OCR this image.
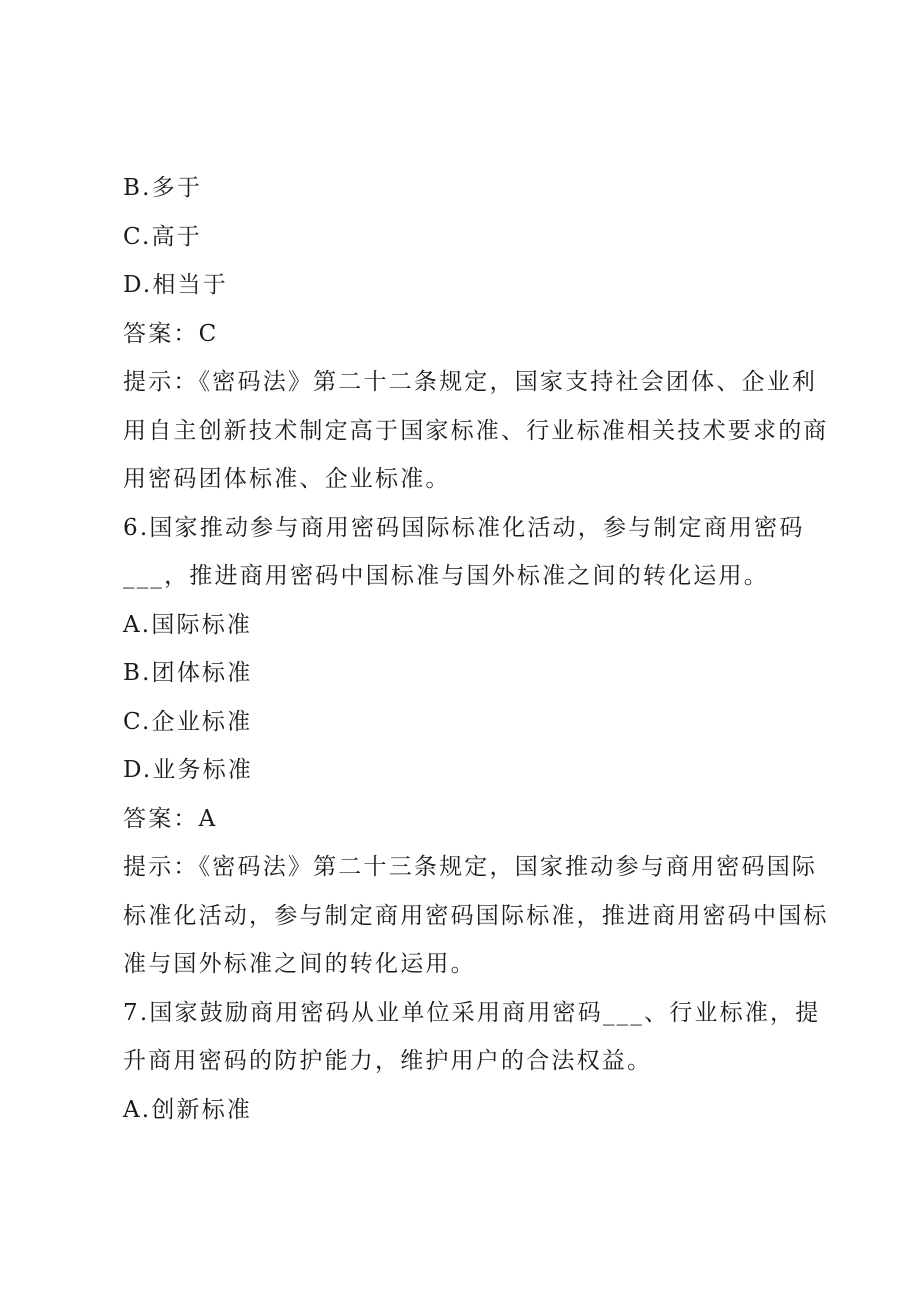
B.多于
C.高于
D.相当于
答案：C
提示：《密码法》第二十二条规定，国家支持社会团体、企业利
用自主创新技术制定高于国家标准、行业标准相关技术要求的商
用密码团体标准、企业标准。
6.国家推动参与商用密码国际标准化活动，参与制定商用密码
___，推进商用密码中国标准与国外标准之间的转化运用。
A.国际标准
B.团体标准
C.企业标准
D.业务标准
答案：A
提示：《密码法》第二十三条规定，国家推动参与商用密码国际
标准化活动，参与制定商用密码国际标准，推进商用密码中国标
准与国外标准之间的转化运用。
7.国家鼓励商用密码从业单位采用商用密码___、行业标准，提
升商用密码的防护能力，维护用户的合法权益。
A.创新标准
